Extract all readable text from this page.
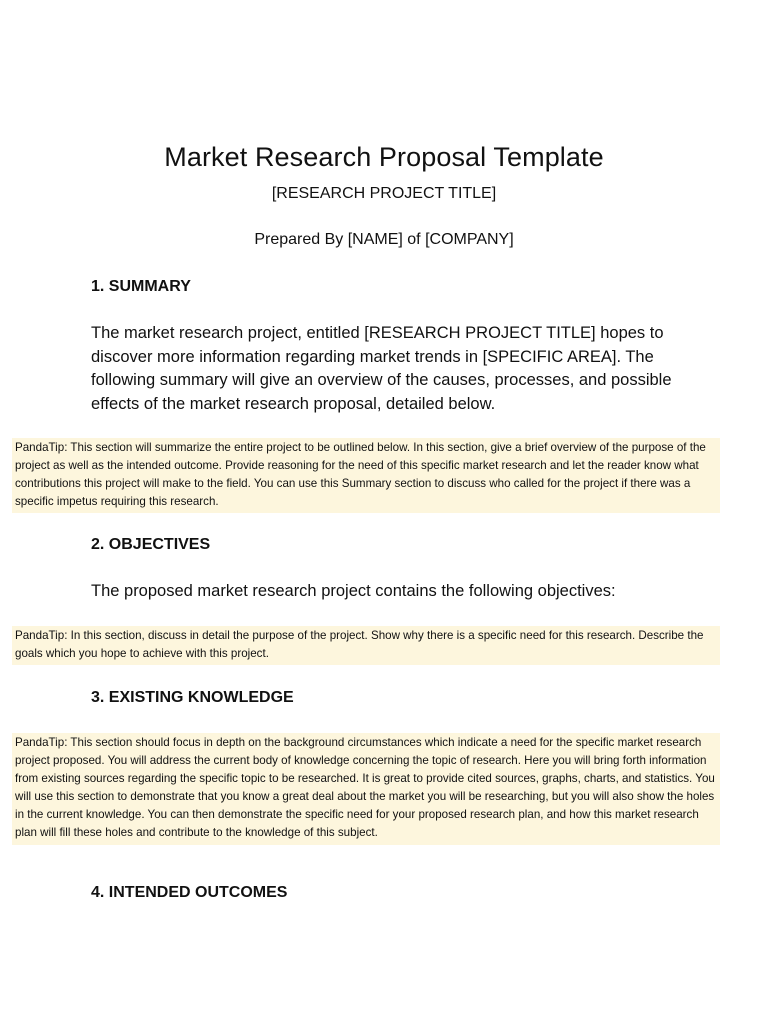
Market Research Proposal Template
[RESEARCH PROJECT TITLE]
Prepared By [NAME] of [COMPANY]
1. SUMMARY

The market research project, entitled [RESEARCH PROJECT TITLE] hopes to discover more information regarding market trends in [SPECIFIC AREA]. The following summary will give an overview of the causes, processes, and possible effects of the market research proposal, detailed below.

PandaTip: This section will summarize the entire project to be outlined below. In this section, give a brief overview of the purpose of the project as well as the intended outcome. Provide reasoning for the need of this specific market research and let the reader know what contributions this project will make to the field. You can use this Summary section to discuss who called for the project if there was a specific impetus requiring this research.

2. OBJECTIVES

The proposed market research project contains the following objectives:

PandaTip: In this section, discuss in detail the purpose of the project. Show why there is a specific need for this research. Describe the goals which you hope to achieve with this project.

3. EXISTING KNOWLEDGE

PandaTip: This section should focus in depth on the background circumstances which indicate a need for the specific market research project proposed. You will address the current body of knowledge concerning the topic of research. Here you will bring forth information from existing sources regarding the specific topic to be researched. It is great to provide cited sources, graphs, charts, and statistics. You will use this section to demonstrate that you know a great deal about the market you will be researching, but you will also show the holes in the current knowledge. You can then demonstrate the specific need for your proposed research plan, and how this market research plan will fill these holes and contribute to the knowledge of this subject.

4. INTENDED OUTCOMES
